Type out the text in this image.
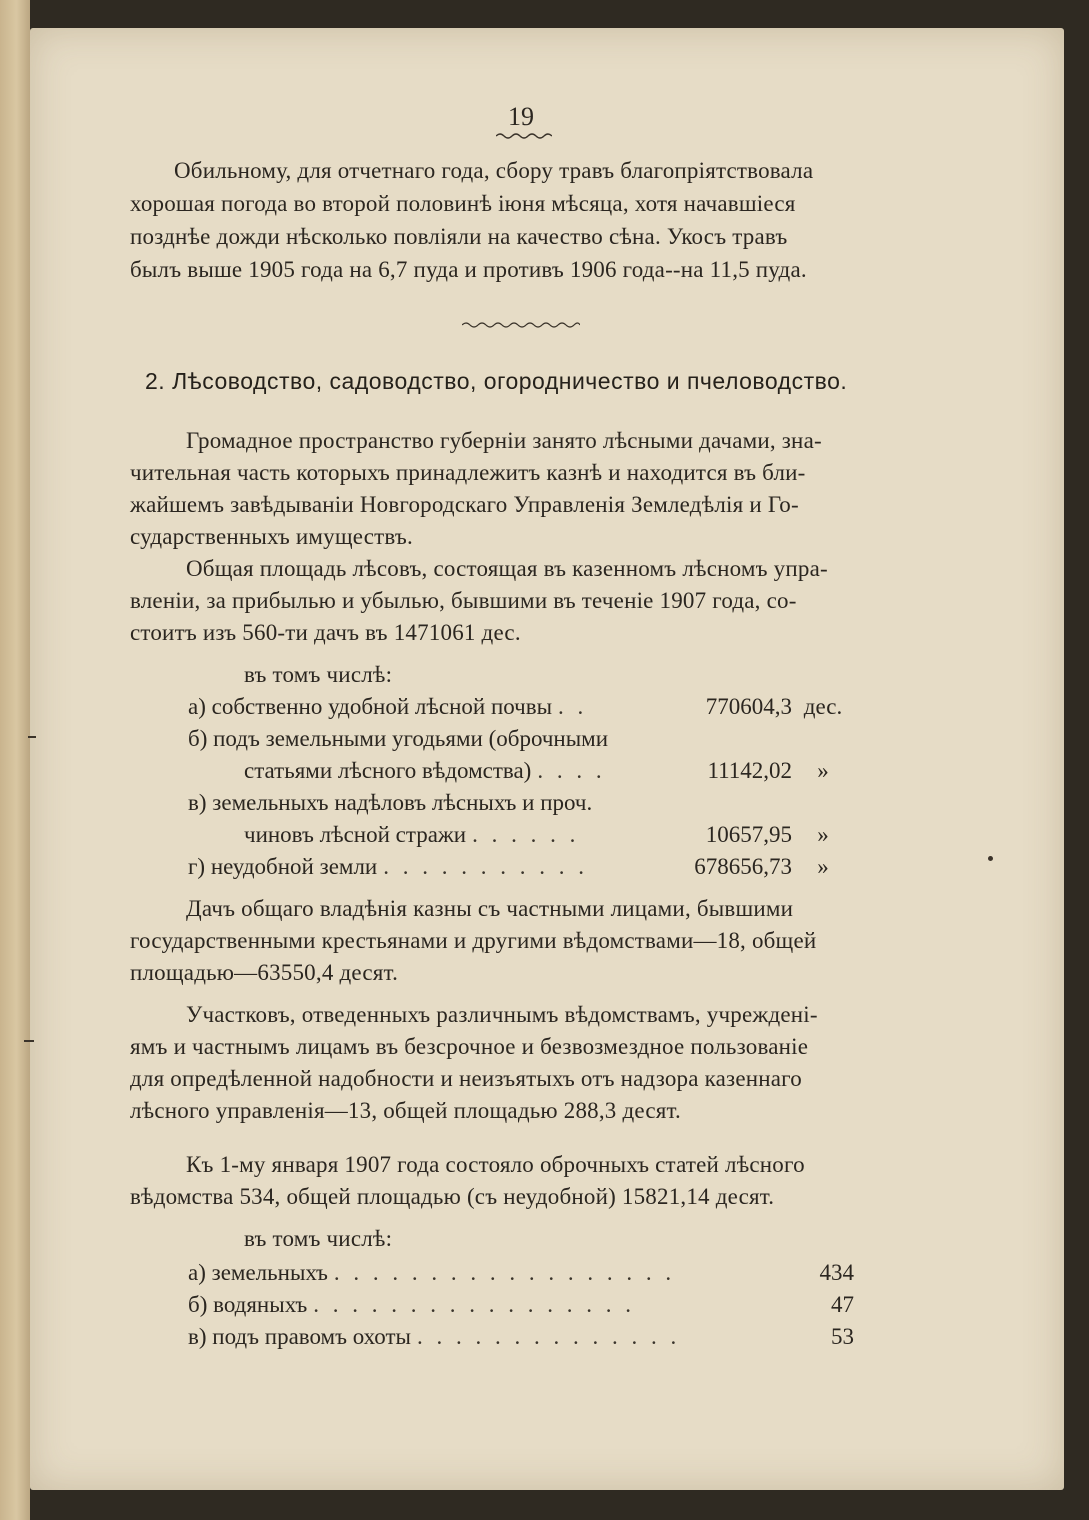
19
Обильному, для отчетнаго года, сбору травъ благопріятствовала
хорошая погода во второй половинѣ іюня мѣсяца, хотя начавшіеся
позднѣе дожди нѣсколько повліяли на качество сѣна. Укосъ травъ
былъ выше 1905 года на 6,7 пуда и противъ 1906 года--на 11,5 пуда.
2. Лѣсоводство, садоводство, огородничество и пчеловодство.
Громадное пространство губерніи занято лѣсными дачами, зна-
чительная часть которыхъ принадлежитъ казнѣ и находится въ бли-
жайшемъ завѣдываніи Новгородскаго Управленія Земледѣлія и Го-
сударственныхъ имуществъ.
Общая площадь лѣсовъ, состоящая въ казенномъ лѣсномъ упра-
вленіи, за прибылью и убылью, бывшими въ теченіе 1907 года, со-
стоитъ изъ 560-ти дачъ въ 1471061 дес.
въ томъ числѣ:
а) собственно удобной лѣсной почвы . .	770604,3 дес.
б) подъ земельными угодьями (оброчными
статьями лѣсного вѣдомства) . . . .	11142,02	»
в) земельныхъ надѣловъ лѣсныхъ и проч.
чиновъ лѣсной стражи . . . . . .	10657,95	»
г) неудобной земли . . . . . . . . . . .	678656,73	»
Дачъ общаго владѣнія казны съ частными лицами, бывшими
государственными крестьянами и другими вѣдомствами—18, общей
площадью—63550,4 десят.
Участковъ, отведенныхъ различнымъ вѣдомствамъ, учреждені-
ямъ и частнымъ лицамъ въ безсрочное и безвозмездное пользованіе
для опредѣленной надобности и неизъятыхъ отъ надзора казеннаго
лѣсного управленія—13, общей площадью 288,3 десят.
Къ 1-му января 1907 года состояло оброчныхъ статей лѣсного
вѣдомства 534, общей площадью (съ неудобной) 15821,14 десят.
въ томъ числѣ:
а) земельныхъ . . . . . . . . . . . . . . . . . .	434
б) водяныхъ . . . . . . . . . . . . . . . . .	47
в) подъ правомъ охоты . . . . . . . . . . . . . .	53
